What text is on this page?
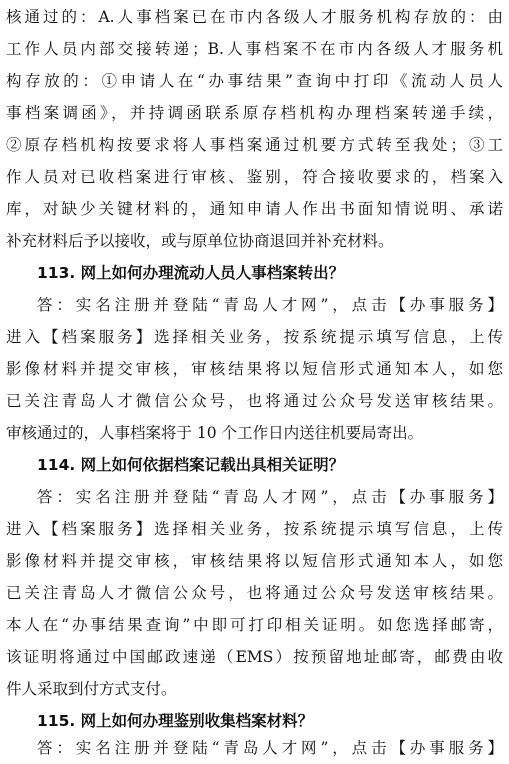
核通过的：A.人事档案已在市内各级人才服务机构存放的：由
工作人员内部交接转递；B.人事档案不在市内各级人才服务机
构存放的：①申请人在“办事结果”查询中打印《流动人员人
事档案调函》，并持调函联系原存档机构办理档案转递手续，
②原存档机构按要求将人事档案通过机要方式转至我处；③工
作人员对已收档案进行审核、鉴别，符合接收要求的，档案入
库，对缺少关键材料的，通知申请人作出书面知情说明、承诺
补充材料后予以接收，或与原单位协商退回并补充材料。
113. 网上如何办理流动人员人事档案转出？
答：实名注册并登陆“青岛人才网”，点击【办事服务】
进入【档案服务】选择相关业务，按系统提示填写信息，上传
影像材料并提交审核，审核结果将以短信形式通知本人，如您
已关注青岛人才微信公众号，也将通过公众号发送审核结果。
审核通过的，人事档案将于 10 个工作日内送往机要局寄出。
114. 网上如何依据档案记载出具相关证明？
答：实名注册并登陆“青岛人才网”，点击【办事服务】
进入【档案服务】选择相关业务，按系统提示填写信息，上传
影像材料并提交审核，审核结果将以短信形式通知本人，如您
已关注青岛人才微信公众号，也将通过公众号发送审核结果。
本人在“办事结果查询”中即可打印相关证明。如您选择邮寄，
该证明将通过中国邮政速递（EMS）按预留地址邮寄，邮费由收
件人采取到付方式支付。
115. 网上如何办理鉴别收集档案材料？
答：实名注册并登陆“青岛人才网”，点击【办事服务】
